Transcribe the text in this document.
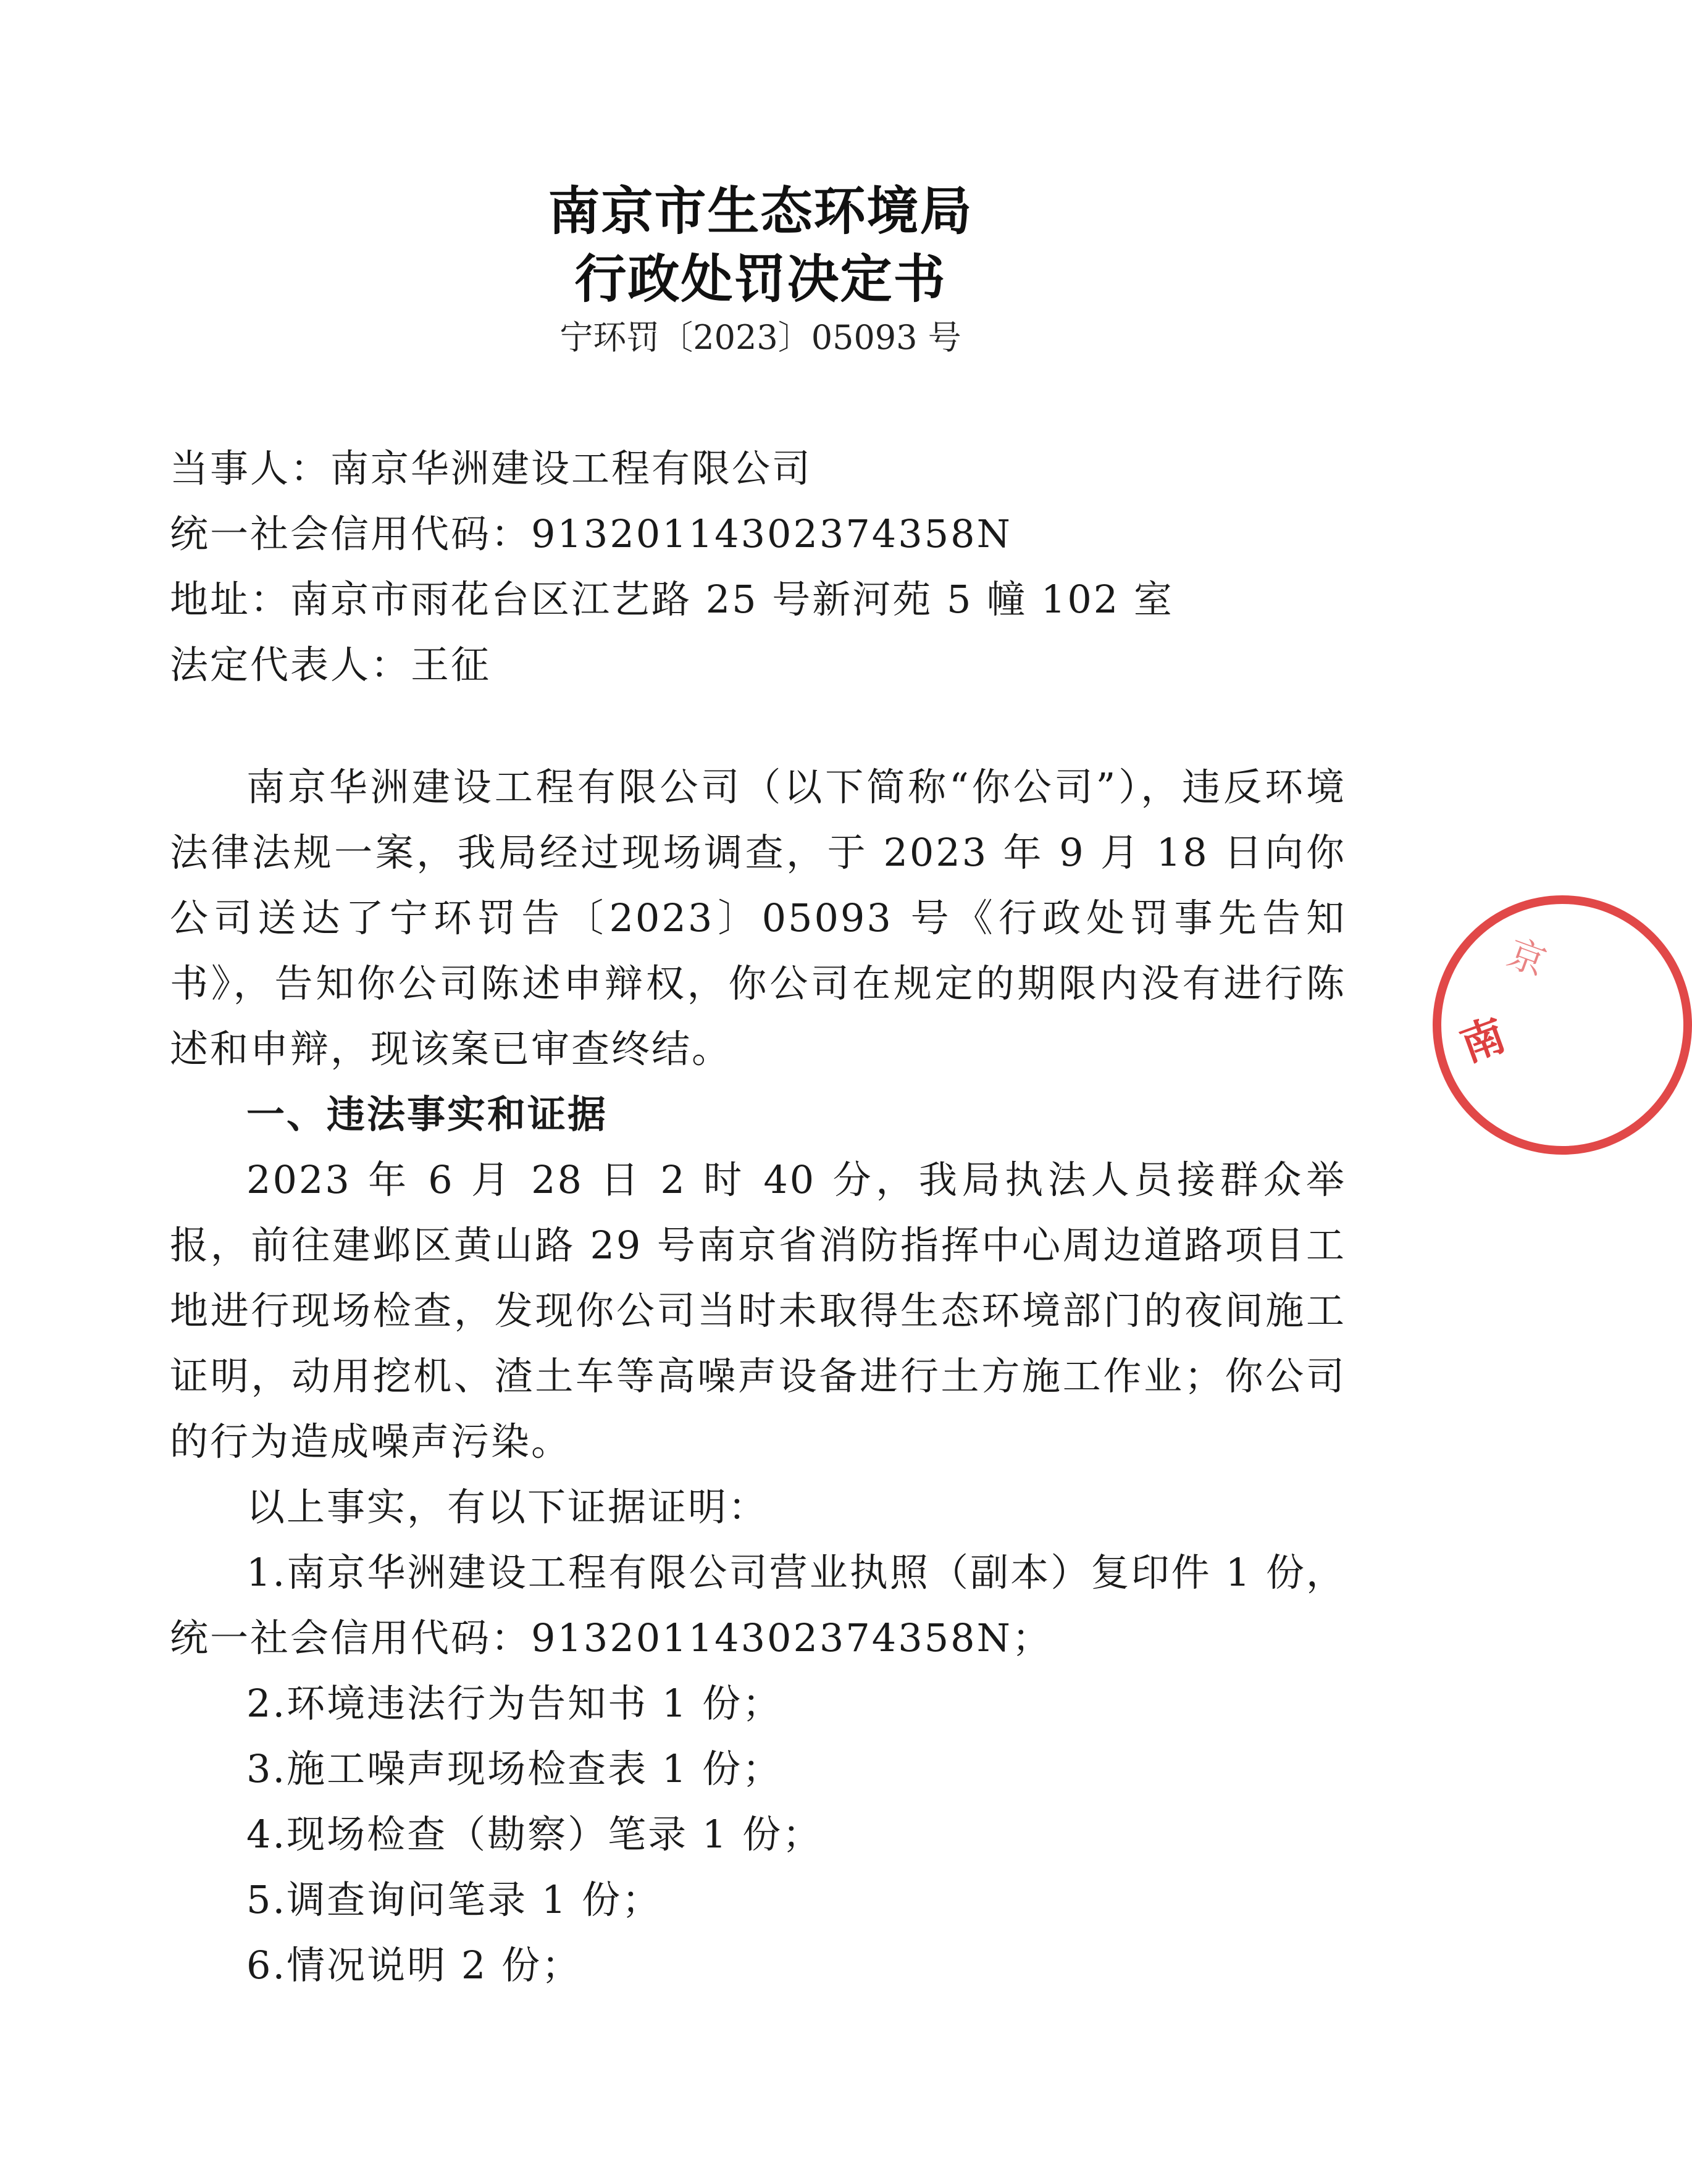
南京市生态环境局
行政处罚决定书
宁环罚〔2023〕05093 号
当事人：南京华洲建设工程有限公司
统一社会信用代码：91320114302374358N
地址：南京市雨花台区江艺路 25 号新河苑 5 幢 102 室
法定代表人：王征

南京华洲建设工程有限公司（以下简称“你公司”），违反环境法律法规一案，我局经过现场调查，于 2023 年 9 月 18 日向你公司送达了宁环罚告〔2023〕05093 号《行政处罚事先告知书》，告知你公司陈述申辩权，你公司在规定的期限内没有进行陈述和申辩，现该案已审查终结。

一、违法事实和证据

2023 年 6 月 28 日 2 时 40 分，我局执法人员接群众举报，前往建邺区黄山路 29 号南京省消防指挥中心周边道路项目工地进行现场检查，发现你公司当时未取得生态环境部门的夜间施工证明，动用挖机、渣土车等高噪声设备进行土方施工作业；你公司的行为造成噪声污染。

以上事实，有以下证据证明：

1.南京华洲建设工程有限公司营业执照（副本）复印件 1 份，统一社会信用代码：91320114302374358N；

2.环境违法行为告知书 1 份；

3.施工噪声现场检查表 1 份；

4.现场检查（勘察）笔录 1 份；

5.调查询问笔录 1 份；

6.情况说明 2 份；

京
南
